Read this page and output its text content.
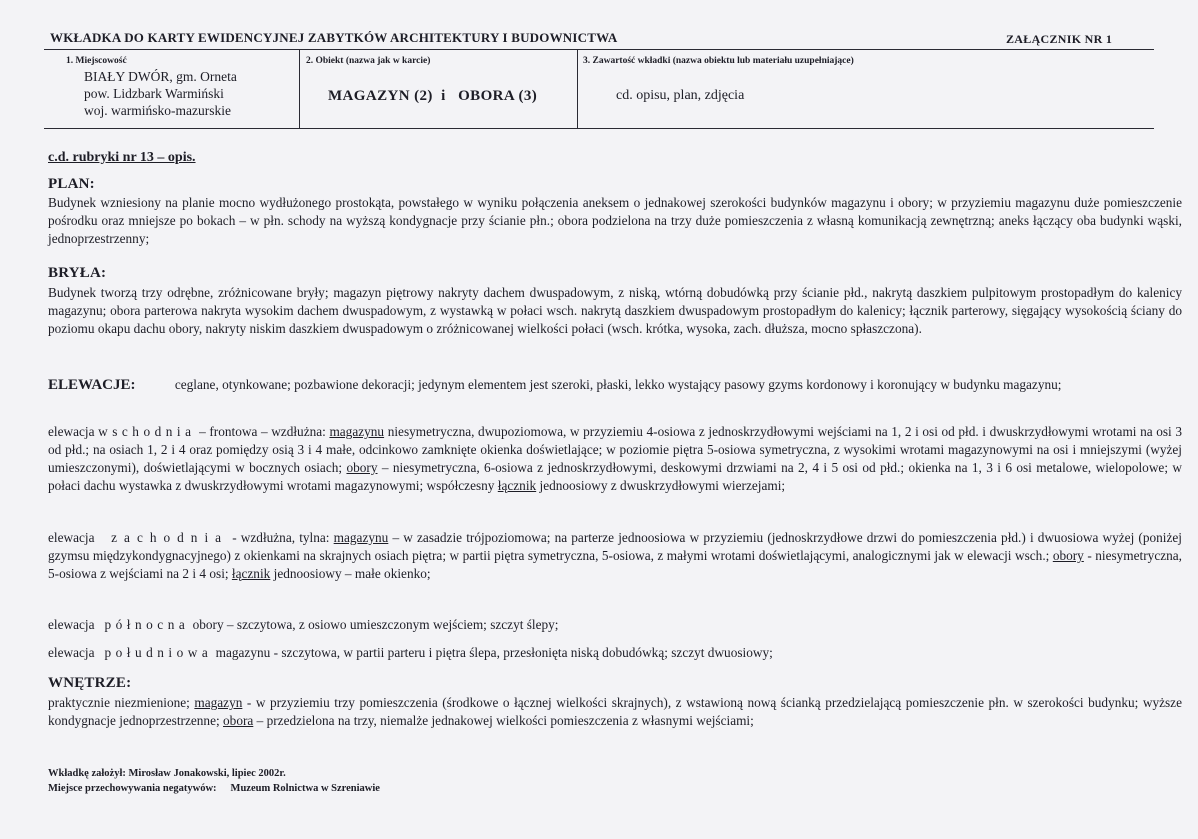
WKŁADKA DO KARTY EWIDENCYJNEJ ZABYTKÓW ARCHITEKTURY I BUDOWNICTWA	ZAŁĄCZNIK NR 1
1. Miejscowość
BIAŁY DWÓR, gm. Orneta
pow. Lidzbark Warmiński
woj. warmińsko-mazurskie
2. Obiekt (nazwa jak w karcie)
MAGAZYN (2)  i   OBORA (3)
3. Zawartość wkładki (nazwa obiektu lub materiału uzupełniające)
cd. opisu, plan, zdjęcia
c.d. rubryki nr 13 – opis.
PLAN:
Budynek wzniesiony na planie mocno wydłużonego prostokąta, powstałego w wyniku połączenia aneksem o jednakowej szerokości budynków magazynu i obory; w przyziemiu magazynu duże pomieszczenie pośrodku oraz mniejsze po bokach – w płn. schody na wyższą kondygnacje przy ścianie płn.; obora podzielona na trzy duże pomieszczenia z własną komunikacją zewnętrzną; aneks łączący oba budynki wąski, jednoprzestrzenny;
BRYŁA:
Budynek tworzą trzy odrębne, zróżnicowane bryły; magazyn piętrowy nakryty dachem dwuspadowym, z niską, wtórną dobudówką przy ścianie płd., nakrytą daszkiem pulpitowym prostopadłym do kalenicy magazynu; obora parterowa nakryta wysokim dachem dwuspadowym, z wystawką w połaci wsch. nakrytą daszkiem dwuspadowym prostopadłym do kalenicy; łącznik parterowy, sięgający wysokością ściany do poziomu okapu dachu obory, nakryty niskim daszkiem dwuspadowym o zróżnicowanej wielkości połaci (wsch. krótka, wysoka, zach. dłuższa, mocno spłaszczona).
ELEWACJE:	ceglane, otynkowane; pozbawione dekoracji; jedynym elementem jest szeroki, płaski, lekko wystający pasowy gzyms kordonowy i koronujący w budynku magazynu;
elewacja wschodnia – frontowa – wzdłużna: magazynu niesymetryczna, dwupoziomowa, w przyziemiu 4-osiowa z jednoskrzydłowymi wejściami na 1, 2 i osi od płd. i dwuskrzydłowymi wrotami na osi 3 od płd.; na osiach 1, 2 i 4 oraz pomiędzy osią 3 i 4 małe, odcinkowo zamknięte okienka doświetlające; w poziomie piętra 5-osiowa symetryczna, z wysokimi wrotami magazynowymi na osi i mniejszymi (wyżej umieszczonymi), doświetlającymi w bocznych osiach; obory – niesymetryczna, 6-osiowa z jednoskrzydłowymi, deskowymi drzwiami na 2, 4 i 5 osi od płd.; okienka na 1, 3 i 6 osi metalowe, wielopolowe; w połaci dachu wystawka z dwuskrzydłowymi wrotami magazynowymi; współczesny łącznik jednoosiowy z dwuskrzydłowymi wierzejami;
elewacja zachodnia - wzdłużna, tylna: magazynu – w zasadzie trójpoziomowa; na parterze jednoosiowa w przyziemiu (jednoskrzydłowe drzwi do pomieszczenia płd.) i dwuosiowa wyżej (poniżej gzymsu międzykondygnacyjnego) z okienkami na skrajnych osiach piętra; w partii piętra symetryczna, 5-osiowa, z małymi wrotami doświetlającymi, analogicznymi jak w elewacji wsch.; obory - niesymetryczna, 5-osiowa z wejściami na 2 i 4 osi; łącznik jednoosiowy – małe okienko;
elewacja północna obory – szczytowa, z osiowo umieszczonym wejściem; szczyt ślepy;
elewacja południowa magazynu - szczytowa, w partii parteru i piętra ślepa, przesłonięta niską dobudówką; szczyt dwuosiowy;
WNĘTRZE:
praktycznie niezmienione; magazyn - w przyziemiu trzy pomieszczenia (środkowe o łącznej wielkości skrajnych), z wstawioną nową ścianką przedzielającą pomieszczenie płn. w szerokości budynku; wyższe kondygnacje jednoprzestrzenne; obora – przedzielona na trzy, niemalże jednakowej wielkości pomieszczenia z własnymi wejściami;
Wkładkę założył: Mirosław Jonakowski, lipiec 2002r.
Miejsce przechowywania negatywów: Muzeum Rolnictwa w Szreniawie
